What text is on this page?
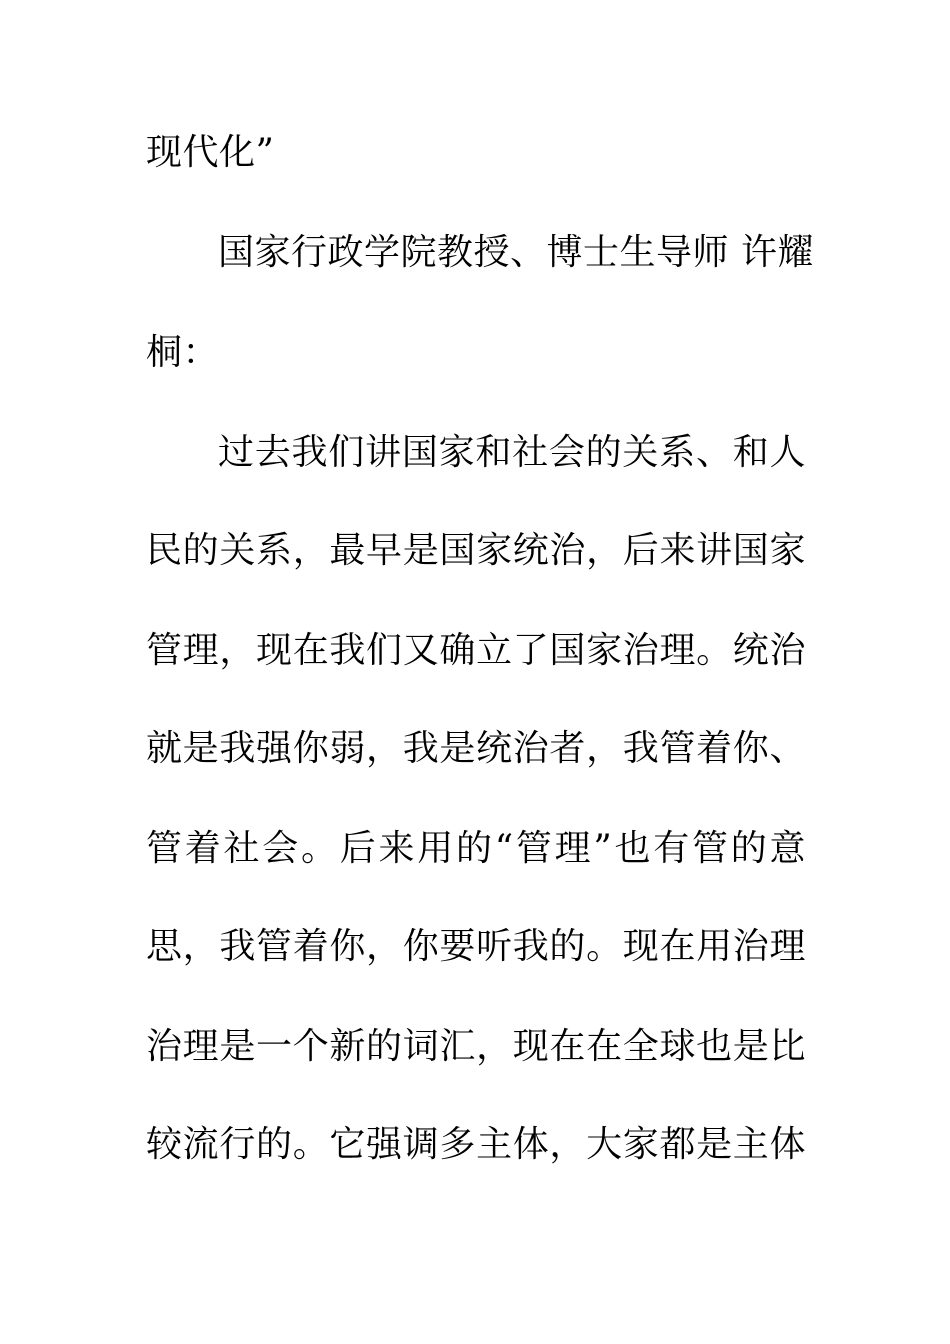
现代化”
国家行政学院教授、博士生导师 许耀
桐：
过去我们讲国家和社会的关系、和人
民的关系，最早是国家统治，后来讲国家
管理，现在我们又确立了国家治理。统治
就是我强你弱，我是统治者，我管着你、
管着社会。后来用的“管理”也有管的意
思，我管着你，你要听我的。现在用治理
治理是一个新的词汇，现在在全球也是比
较流行的。它强调多主体，大家都是主体
